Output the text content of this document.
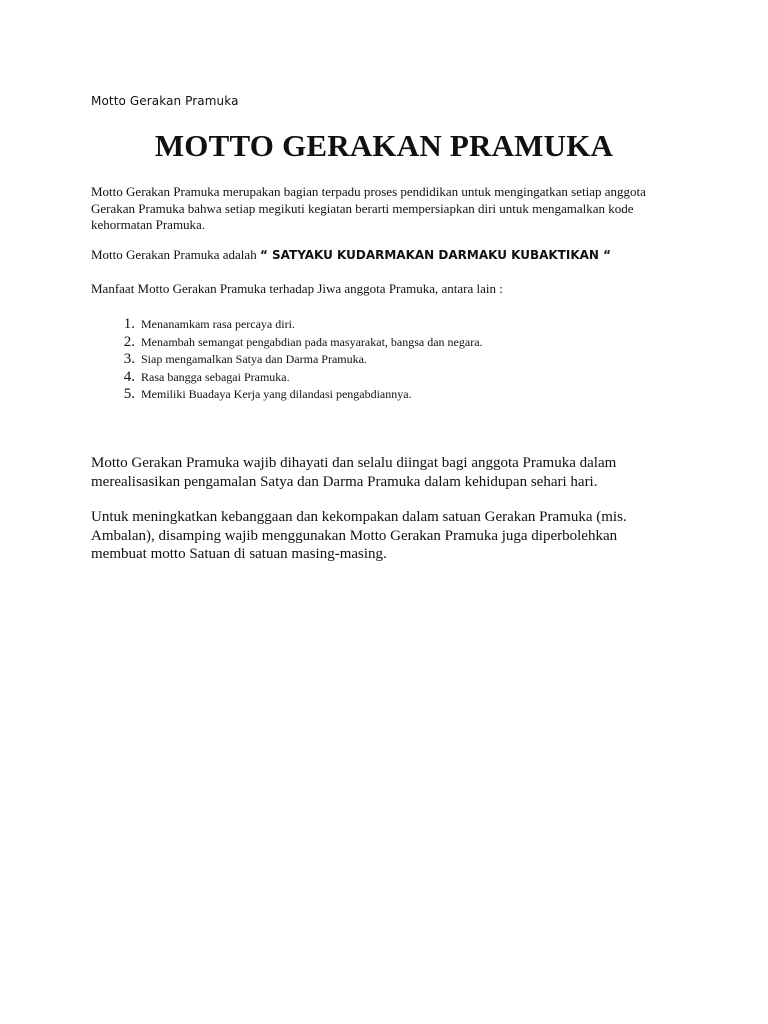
Motto Gerakan Pramuka
MOTTO GERAKAN PRAMUKA

Motto Gerakan Pramuka merupakan bagian terpadu proses pendidikan untuk mengingatkan setiap anggota Gerakan Pramuka bahwa setiap megikuti kegiatan berarti mempersiapkan diri untuk mengamalkan kode kehormatan Pramuka.

Motto Gerakan Pramuka adalah “ SATYAKU KUDARMAKAN DARMAKU KUBAKTIKAN “
Manfaat Motto Gerakan Pramuka terhadap Jiwa anggota Pramuka, antara lain :
1. Menanamkam rasa percaya diri.
2. Menambah semangat pengabdian pada masyarakat, bangsa dan negara.
3. Siap mengamalkan Satya dan Darma Pramuka.
4. Rasa bangga sebagai Pramuka.
5. Memiliki Buadaya Kerja yang dilandasi pengabdiannya.

Motto Gerakan Pramuka wajib dihayati dan selalu diingat bagi anggota Pramuka dalam merealisasikan pengamalan Satya dan Darma Pramuka dalam kehidupan sehari hari.

Untuk meningkatkan kebanggaan dan kekompakan dalam satuan Gerakan Pramuka (mis. Ambalan), disamping wajib menggunakan Motto Gerakan Pramuka juga diperbolehkan membuat motto Satuan di satuan masing-masing.
